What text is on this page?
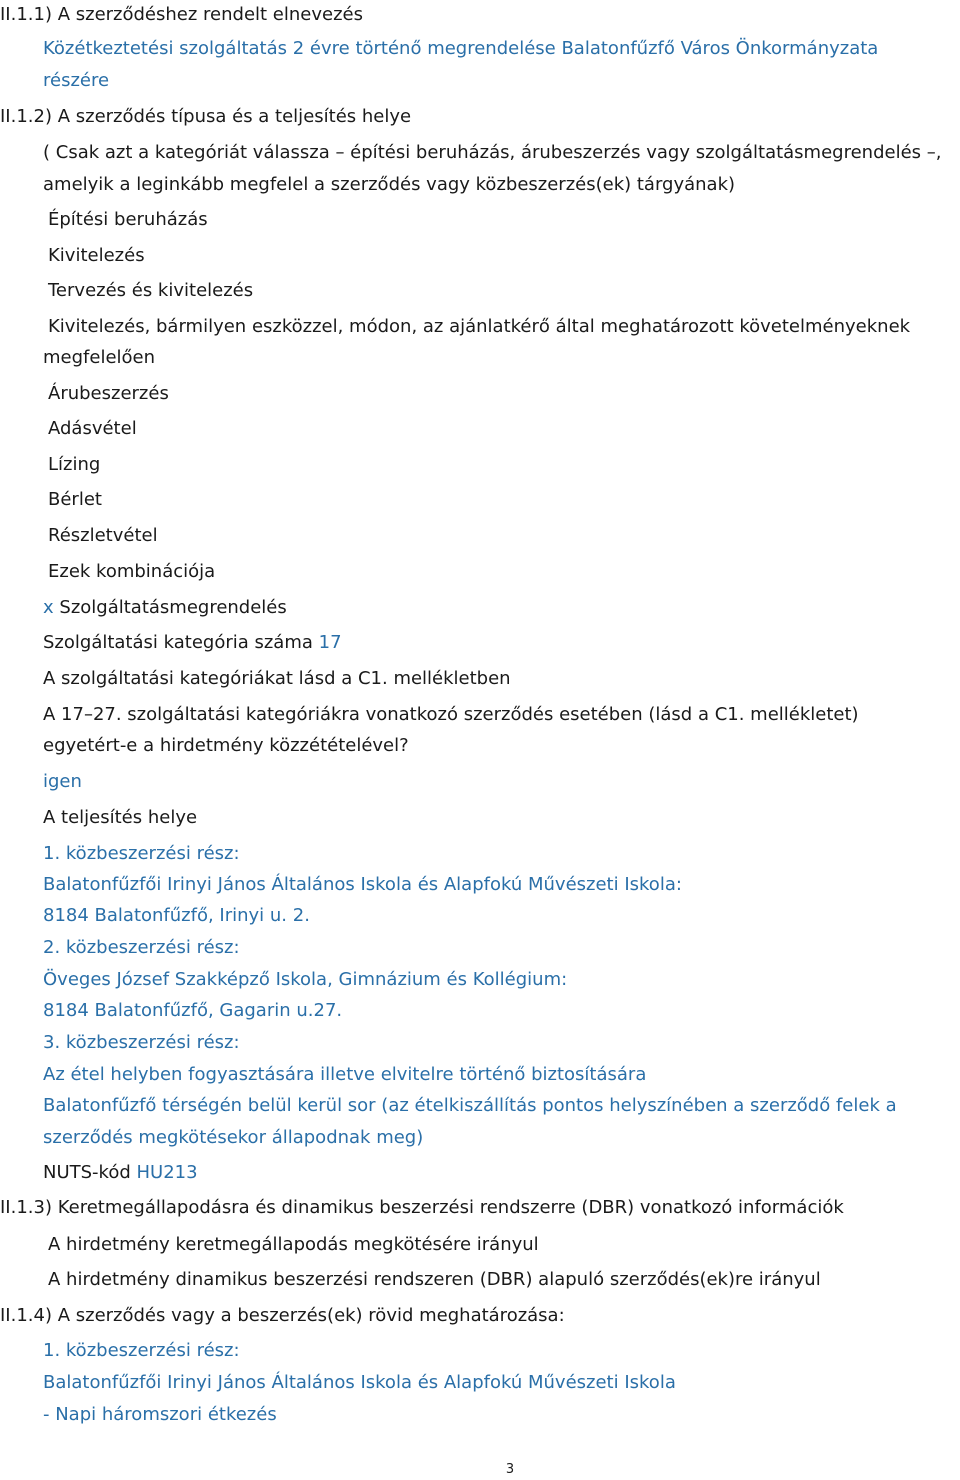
II.1.1) A szerződéshez rendelt elnevezés
Közétkeztetési szolgáltatás 2 évre történő megrendelése Balatonfűzfő Város Önkormányzata
részére
II.1.2) A szerződés típusa és a teljesítés helye
( Csak azt a kategóriát válassza – építési beruházás, árubeszerzés vagy szolgáltatásmegrendelés –,
amelyik a leginkább megfelel a szerződés vagy közbeszerzés(ek) tárgyának)
Építési beruházás
Kivitelezés
Tervezés és kivitelezés
Kivitelezés, bármilyen eszközzel, módon, az ajánlatkérő által meghatározott követelményeknek
megfelelően
Árubeszerzés
Adásvétel
Lízing
Bérlet
Részletvétel
Ezek kombinációja
x Szolgáltatásmegrendelés
Szolgáltatási kategória száma 17
A szolgáltatási kategóriákat lásd a C1. mellékletben
A 17–27. szolgáltatási kategóriákra vonatkozó szerződés esetében (lásd a C1. mellékletet)
egyetért-e a hirdetmény közzétételével?
igen
A teljesítés helye
1. közbeszerzési rész:
Balatonfűzfői Irinyi János Általános Iskola és Alapfokú Művészeti Iskola:
8184 Balatonfűzfő, Irinyi u. 2.
2. közbeszerzési rész:
Öveges József Szakképző Iskola, Gimnázium és Kollégium:
8184 Balatonfűzfő, Gagarin u.27.
3. közbeszerzési rész:
Az étel helyben fogyasztására illetve elvitelre történő biztosítására
Balatonfűzfő térségén belül kerül sor (az ételkiszállítás pontos helyszínében a szerződő felek a
szerződés megkötésekor állapodnak meg)
NUTS-kód HU213
II.1.3) Keretmegállapodásra és dinamikus beszerzési rendszerre (DBR) vonatkozó információk
A hirdetmény keretmegállapodás megkötésére irányul
A hirdetmény dinamikus beszerzési rendszeren (DBR) alapuló szerződés(ek)re irányul
II.1.4) A szerződés vagy a beszerzés(ek) rövid meghatározása:
1. közbeszerzési rész:
Balatonfűzfői Irinyi János Általános Iskola és Alapfokú Művészeti Iskola
- Napi háromszori étkezés
3
